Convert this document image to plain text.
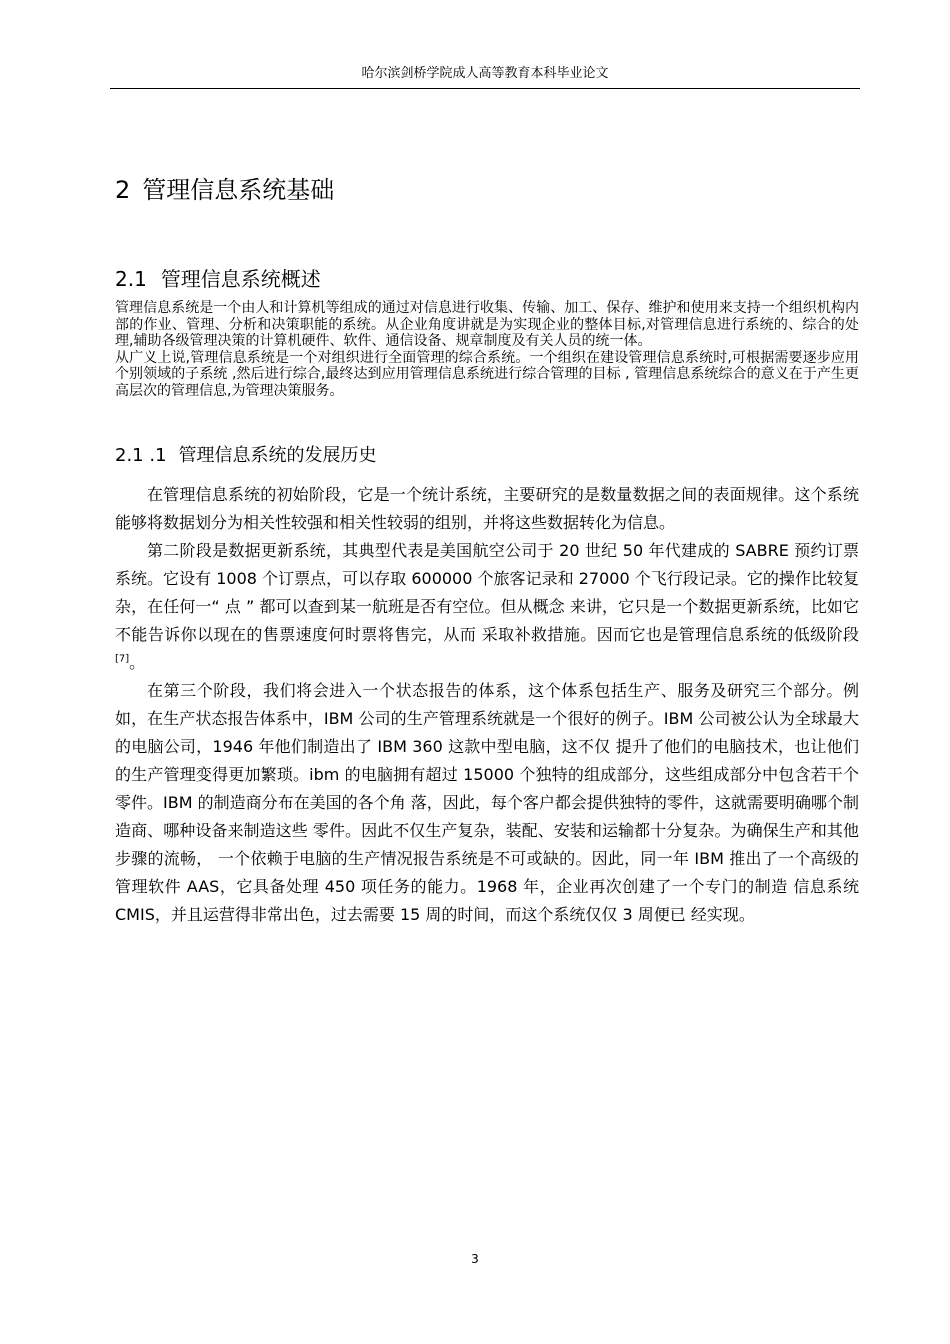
哈尔滨剑桥学院成人高等教育本科毕业论文
2 管理信息系统基础
2.1 管理信息系统概述

管理信息系统是一个由人和计算机等组成的通过对信息进行收集、传输、加工、保存、维护和使用来支持一个组织机构内部的作业、管理、分析和决策职能的系统。从企业角度讲就是为实现企业的整体目标,对管理信息进行系统的、综合的处理,辅助各级管理决策的计算机硬件、软件、通信设备、规章制度及有关人员的统一体。

从广义上说,管理信息系统是一个对组织进行全面管理的综合系统。一个组织在建设管理信息系统时,可根据需要逐步应用个别领域的子系统 ,然后进行综合,最终达到应用管理信息系统进行综合管理的目标 , 管理信息系统综合的意义在于产生更高层次的管理信息,为管理决策服务。

2.1 .1 管理信息系统的发展历史

在管理信息系统的初始阶段，它是一个统计系统，主要研究的是数量数据之间的表面规律。这个系统能够将数据划分为相关性较强和相关性较弱的组别，并将这些数据转化为信息。

第二阶段是数据更新系统，其典型代表是美国航空公司于 20 世纪 50 年代建成的 SABRE 预约订票系统。它设有 1008 个订票点，可以存取 600000 个旅客记录和 27000 个飞行段记录。它的操作比较复杂，在任何一“ 点 ” 都可以查到某一航班是否有空位。但从概念 来讲，它只是一个数据更新系统，比如它不能告诉你以现在的售票速度何时票将售完，从而 采取补救措施。因而它也是管理信息系统的低级阶段[7]。

在第三个阶段，我们将会进入一个状态报告的体系，这个体系包括生产、服务及研究三个部分。例如，在生产状态报告体系中，IBM 公司的生产管理系统就是一个很好的例子。IBM 公司被公认为全球最大的电脑公司，1946 年他们制造出了 IBM 360 这款中型电脑，这不仅 提升了他们的电脑技术，也让他们的生产管理变得更加繁琐。ibm 的电脑拥有超过 15000 个独特的组成部分，这些组成部分中包含若干个零件。IBM 的制造商分布在美国的各个角 落，因此，每个客户都会提供独特的零件，这就需要明确哪个制造商、哪种设备来制造这些 零件。因此不仅生产复杂，装配、安装和运输都十分复杂。为确保生产和其他步骤的流畅， 一个依赖于电脑的生产情况报告系统是不可或缺的。因此，同一年 IBM 推出了一个高级的 管理软件 AAS，它具备处理 450 项任务的能力。1968 年，企业再次创建了一个专门的制造 信息系统 CMIS，并且运营得非常出色，过去需要 15 周的时间，而这个系统仅仅 3 周便已 经实现。

3
